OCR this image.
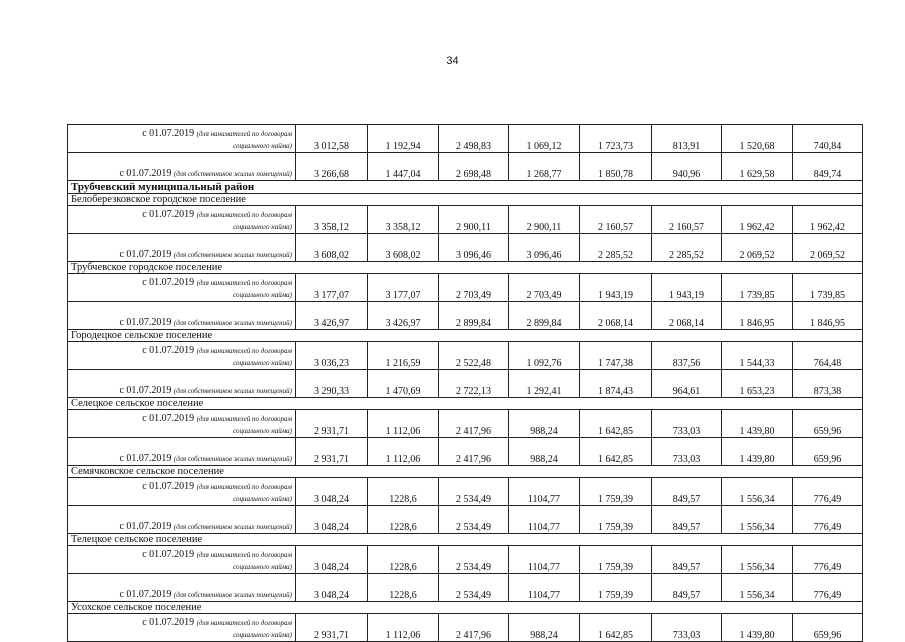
34
с 01.07.2019 (для нанимателей по договорам
социального найма)	3 012,58	1 192,94	2 498,83	1 069,12	1 723,73	813,91	1 520,68	740,84
с 01.07.2019 (для собственников жилых помещений)	3 266,68	1 447,04	2 698,48	1 268,77	1 850,78	940,96	1 629,58	849,74
Трубчевский муниципальный район								
Белоберезковское городское поселение								
с 01.07.2019 (для нанимателей по договорам
социального найма)	3 358,12	3 358,12	2 900,11	2 900,11	2 160,57	2 160,57	1 962,42	1 962,42
с 01.07.2019 (для собственников жилых помещений)	3 608,02	3 608,02	3 096,46	3 096,46	2 285,52	2 285,52	2 069,52	2 069,52
Трубчевское городское поселение								
с 01.07.2019 (для нанимателей по договорам
социального найма)	3 177,07	3 177,07	2 703,49	2 703,49	1 943,19	1 943,19	1 739,85	1 739,85
с 01.07.2019 (для собственников жилых помещений)	3 426,97	3 426,97	2 899,84	2 899,84	2 068,14	2 068,14	1 846,95	1 846,95
Городецкое сельское поселение								
с 01.07.2019 (для нанимателей по договорам
социального найма)	3 036,23	1 216,59	2 522,48	1 092,76	1 747,38	837,56	1 544,33	764,48
с 01.07.2019 (для собственников жилых помещений)	3 290,33	1 470,69	2 722,13	1 292,41	1 874,43	964,61	1 653,23	873,38
Селецкое сельское поселение								
с 01.07.2019 (для нанимателей по договорам
социального найма)	2 931,71	1 112,06	2 417,96	988,24	1 642,85	733,03	1 439,80	659,96
с 01.07.2019 (для собственников жилых помещений)	2 931,71	1 112,06	2 417,96	988,24	1 642,85	733,03	1 439,80	659,96
Семячковское сельское поселение								
с 01.07.2019 (для нанимателей по договорам
социального найма)	3 048,24	1228,6	2 534,49	1104,77	1 759,39	849,57	1 556,34	776,49
с 01.07.2019 (для собственников жилых помещений)	3 048,24	1228,6	2 534,49	1104,77	1 759,39	849,57	1 556,34	776,49
Телецкое сельское поселение								
с 01.07.2019 (для нанимателей по договорам
социального найма)	3 048,24	1228,6	2 534,49	1104,77	1 759,39	849,57	1 556,34	776,49
с 01.07.2019 (для собственников жилых помещений)	3 048,24	1228,6	2 534,49	1104,77	1 759,39	849,57	1 556,34	776,49
Усохское сельское поселение								
с 01.07.2019 (для нанимателей по договорам
социального найма)	2 931,71	1 112,06	2 417,96	988,24	1 642,85	733,03	1 439,80	659,96
